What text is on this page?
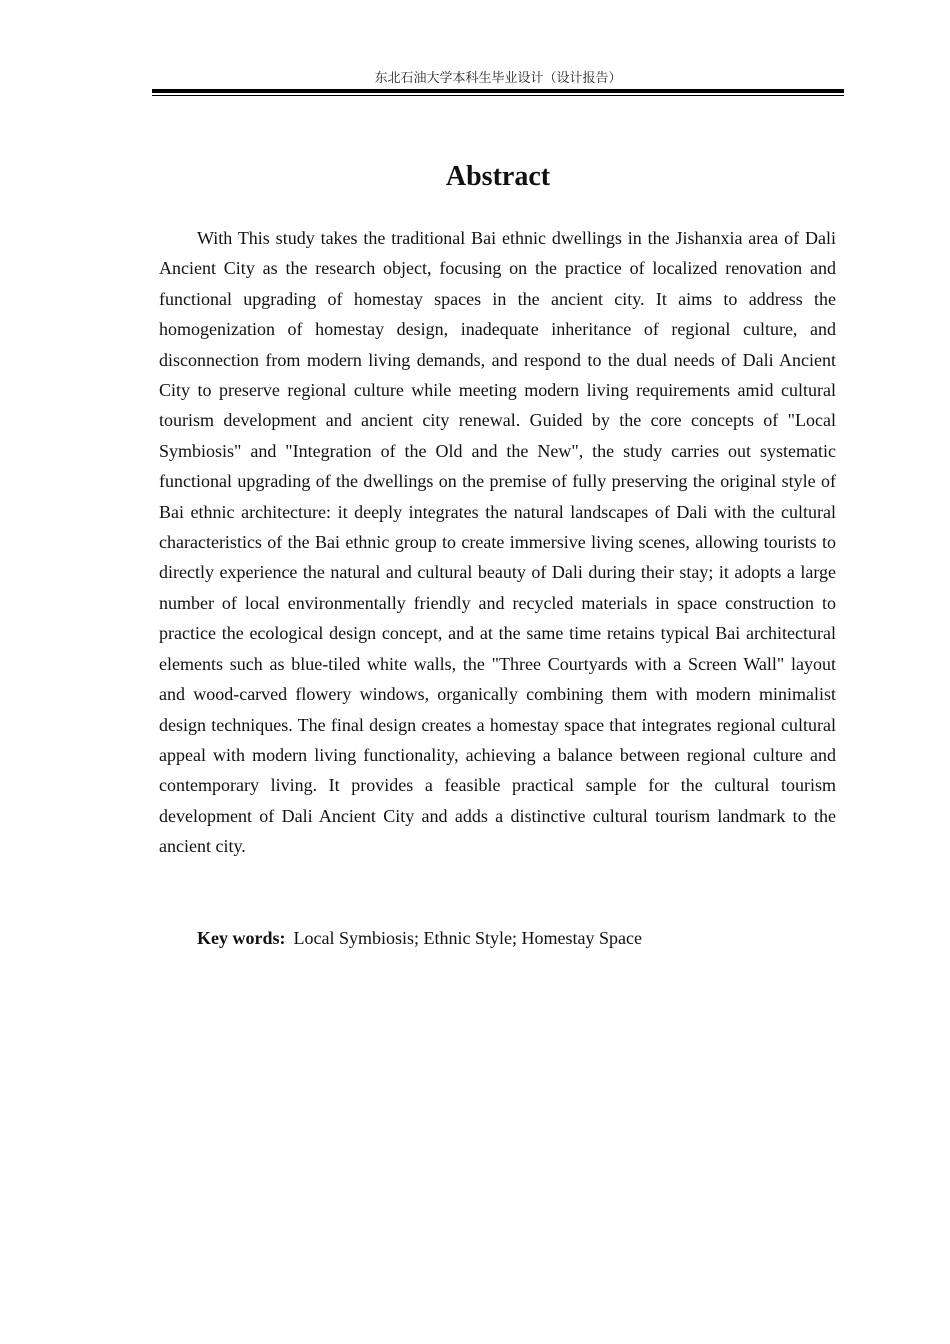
东北石油大学本科生毕业设计（设计报告）
Abstract

With This study takes the traditional Bai ethnic dwellings in the Jishanxia area of Dali Ancient City as the research object, focusing on the practice of localized renovation and functional upgrading of homestay spaces in the ancient city. It aims to address the homogenization of homestay design, inadequate inheritance of regional culture, and disconnection from modern living demands, and respond to the dual needs of Dali Ancient City to preserve regional culture while meeting modern living requirements amid cultural tourism development and ancient city renewal. Guided by the core concepts of "Local Symbiosis" and "Integration of the Old and the New", the study carries out systematic functional upgrading of the dwellings on the premise of fully preserving the original style of Bai ethnic architecture: it deeply integrates the natural landscapes of Dali with the cultural characteristics of the Bai ethnic group to create immersive living scenes, allowing tourists to directly experience the natural and cultural beauty of Dali during their stay; it adopts a large number of local environmentally friendly and recycled materials in space construction to practice the ecological design concept, and at the same time retains typical Bai architectural elements such as blue-tiled white walls, the "Three Courtyards with a Screen Wall" layout and wood-carved flowery windows, organically combining them with modern minimalist design techniques. The final design creates a homestay space that integrates regional cultural appeal with modern living functionality, achieving a balance between regional culture and contemporary living. It provides a feasible practical sample for the cultural tourism development of Dali Ancient City and adds a distinctive cultural tourism landmark to the ancient city.

Key words: Local Symbiosis; Ethnic Style; Homestay Space
